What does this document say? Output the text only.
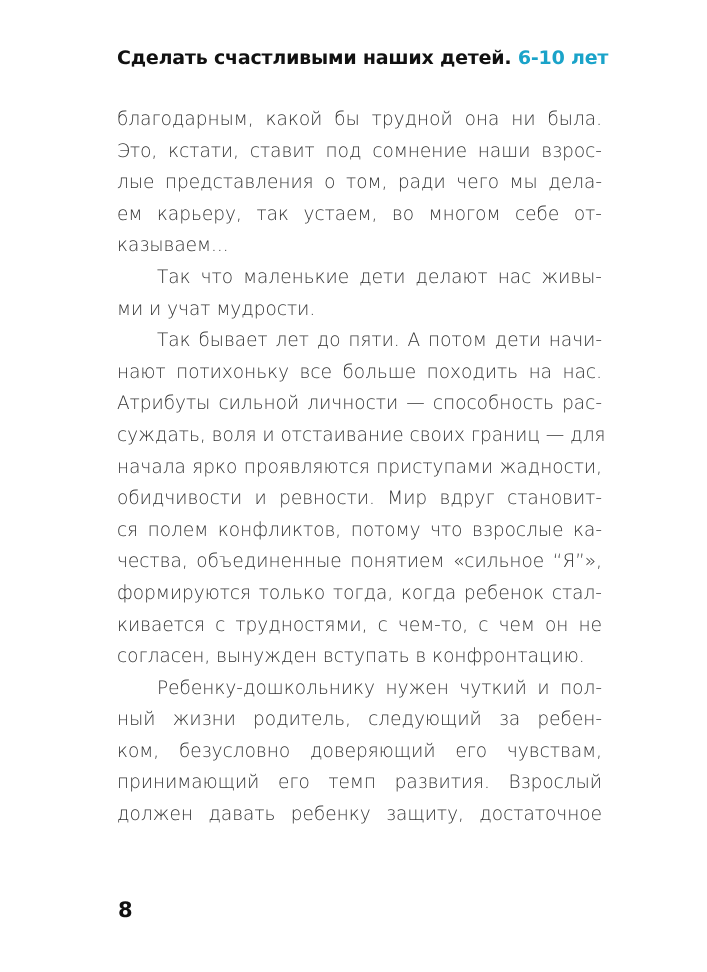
Сделать счастливыми наших детей. 6-10 лет
благодарным, какой бы трудной она ни была.
Это, кстати, ставит под сомнение наши взрос-
лые представления о том, ради чего мы дела-
ем карьеру, так устаем, во многом себе от-
казываем...
Так что маленькие дети делают нас живы-
ми и учат мудрости.
Так бывает лет до пяти. А потом дети начи-
нают потихоньку все больше походить на нас.
Атрибуты сильной личности — способность рас-
суждать, воля и отстаивание своих границ — для
начала ярко проявляются приступами жадности,
обидчивости и ревности. Мир вдруг становит-
ся полем конфликтов, потому что взрослые ка-
чества, объединенные понятием «сильное “Я”»,
формируются только тогда, когда ребенок стал-
кивается с трудностями, с чем-то, с чем он не
согласен, вынужден вступать в конфронтацию.
Ребенку-дошкольнику нужен чуткий и пол-
ный жизни родитель, следующий за ребен-
ком, безусловно доверяющий его чувствам,
принимающий его темп развития. Взрослый
должен давать ребенку защиту, достаточное
8
